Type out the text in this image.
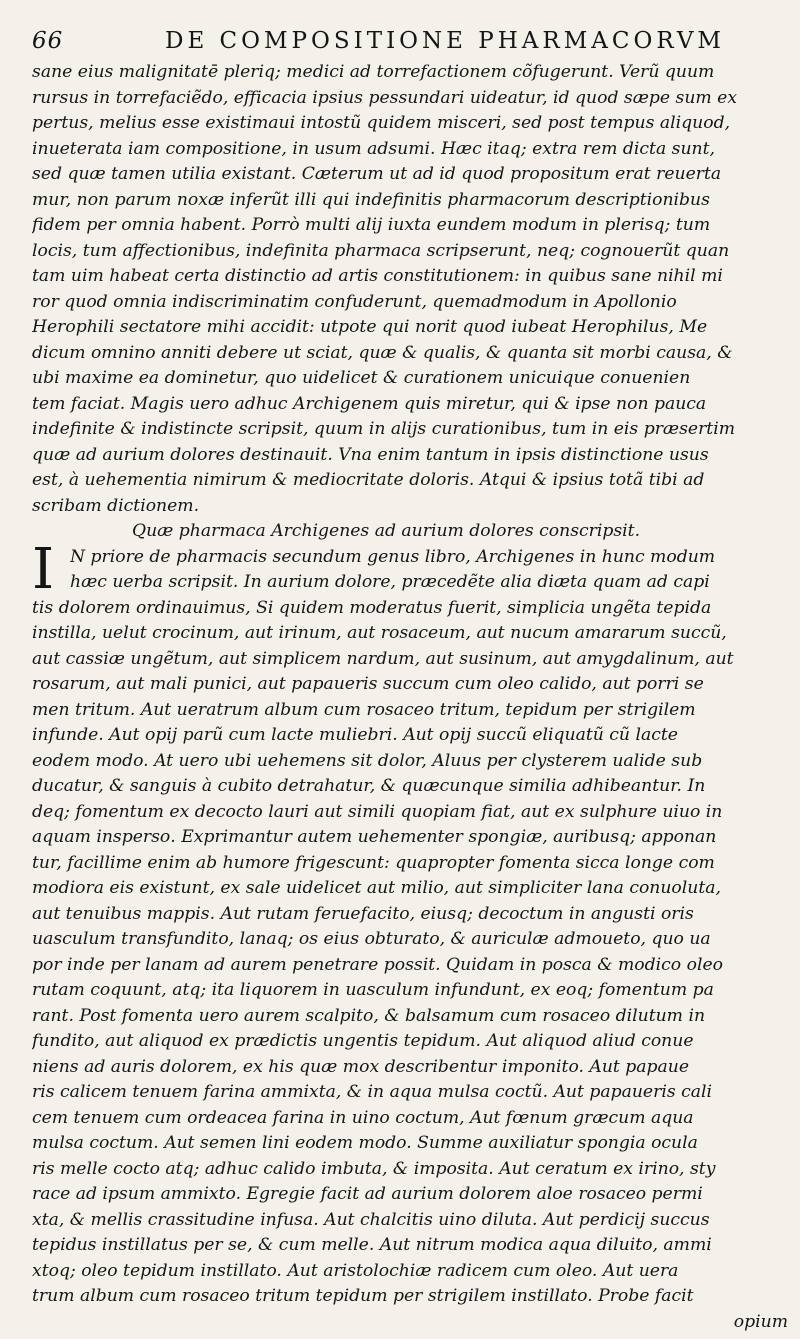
66	DE COMPOSITIONE PHARMACORVM
sane eius malignitatē pleriq; medici ad torrefactionem cõfugerunt. Verũ quum
rursus in torrefaciẽdo, efficacia ipsius pessundari uideatur, id quod sæpe sum ex
pertus, melius esse existimaui intostũ quidem misceri, sed post tempus aliquod,
inueterata iam compositione, in usum adsumi. Hæc itaq; extra rem dicta sunt,
sed quæ tamen utilia existant. Cæterum ut ad id quod propositum erat reuerta
mur, non parum noxæ inferũt illi qui indefinitis pharmacorum descriptionibus
fidem per omnia habent. Porrò multi alij iuxta eundem modum in plerisq; tum
locis, tum affectionibus, indefinita pharmaca scripserunt, neq; cognouerũt quan
tam uim habeat certa distinctio ad artis constitutionem: in quibus sane nihil mi
ror quod omnia indiscriminatim confuderunt, quemadmodum in Apollonio
Herophili sectatore mihi accidit: utpote qui norit quod iubeat Herophilus, Me
dicum omnino anniti debere ut sciat, quæ & qualis, & quanta sit morbi causa, &
ubi maxime ea dominetur, quo uidelicet & curationem unicuique conuenien
tem faciat. Magis uero adhuc Archigenem quis miretur, qui & ipse non pauca
indefinite & indistincte scripsit, quum in alijs curationibus, tum in eis præsertim
quæ ad aurium dolores destinauit. Vna enim tantum in ipsis distinctione usus
est, à uehementia nimirum & mediocritate doloris. Atqui & ipsius totã tibi ad
scribam dictionem.
Quæ pharmaca Archigenes ad aurium dolores conscripsit.
I N priore de pharmacis secundum genus libro, Archigenes in hunc modum
hæc uerba scripsit. In aurium dolore, præcedẽte alia diæta quam ad capi
tis dolorem ordinauimus, Si quidem moderatus fuerit, simplicia ungẽta tepida
instilla, uelut crocinum, aut irinum, aut rosaceum, aut nucum amararum succũ,
aut cassiæ ungẽtum, aut simplicem nardum, aut susinum, aut amygdalinum, aut
rosarum, aut mali punici, aut papaueris succum cum oleo calido, aut porri se
men tritum. Aut ueratrum album cum rosaceo tritum, tepidum per strigilem
infunde. Aut opij parũ cum lacte muliebri. Aut opij succũ eliquatũ cũ lacte
eodem modo. At uero ubi uehemens sit dolor, Aluus per clysterem ualide sub
ducatur, & sanguis à cubito detrahatur, & quæcunque similia adhibeantur. In
deq; fomentum ex decocto lauri aut simili quopiam fiat, aut ex sulphure uiuo in
aquam inspersο. Exprimantur autem uehementer spongiæ, auribusq; apponan
tur, facillime enim ab humore frigescunt: quapropter fomenta sicca longe com
modiora eis existunt, ex sale uidelicet aut milio, aut simpliciter lana conuoluta,
aut tenuibus mappis. Aut rutam feruefacito, eiusq; decoctum in angusti oris
uasculum transfundito, lanaq; os eius obturato, & auriculæ admoueto, quo ua
por inde per lanam ad aurem penetrare possit. Quidam in posca & modico oleo
rutam coquunt, atq; ita liquorem in uasculum infundunt, ex eoq; fomentum pa
rant. Post fomenta uero aurem scalpito, & balsamum cum rosaceo dilutum in
fundito, aut aliquod ex prædictis ungentis tepidum. Aut aliquod aliud conue
niens ad auris dolorem, ex his quæ mox describentur imponito. Aut papaue
ris calicem tenuem farina ammixta, & in aqua mulsa coctũ. Aut papaueris cali
cem tenuem cum ordeacea farina in uino coctum, Aut fœnum græcum aqua
mulsa coctum. Aut semen lini eodem modo. Summe auxiliatur spongia ocula
ris melle cocto atq; adhuc calido imbuta, & imposita. Aut ceratum ex irino, sty
race ad ipsum ammixto. Egregie facit ad aurium dolorem aloe rosaceo permi
xta, & mellis crassitudine infusa. Aut chalcitis uino diluta. Aut perdicij succus
tepidus instillatus per se, & cum melle. Aut nitrum modica aqua diluito, ammi
xtoq; oleo tepidum instillato. Aut aristolochiæ radicem cum oleo. Aut uera
trum album cum rosaceo tritum tepidum per strigilem instillato. Probe facit
opium
